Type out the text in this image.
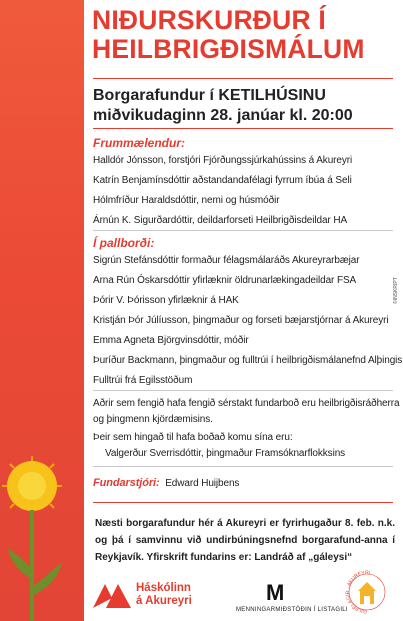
NIÐURSKURÐUR Í
HEILBRIGÐISMÁLUM
Borgarafundur í KETILHÚSINU
miðvikudaginn 28. janúar kl. 20:00
Frummælendur:
Halldór Jónsson, forstjóri Fjórðungssjúrkahússins á Akureyri
Katrín Benjamínsdóttir aðstandandafélagi fyrrum íbúa á Seli
Hólmfríður Haraldsdóttir, nemi og húsmóðir
Árnún K. Sigurðardóttir, deildarforseti Heilbrigðisdeildar HA
Í pallborði:
Sigrún Stefánsdóttir formaður félagsmálaráðs Akureyrarbæjar
Arna Rún Óskarsdóttir yfirlæknir öldrunarlækingadeildar FSA
Þórir V. Þórisson yfirlæknir á HAK
Kristján Þór Júlíusson, þingmaður og forseti bæjarstjórnar á Akureyri
Emma Agneta Björgvinsdóttir, móðir
Þuríður Backmann, þingmaður og fulltrúi í heilbrigðismálanefnd Alþingis
Fulltrúi frá Egilsstöðum
Aðrir sem fengið hafa fengið sérstakt fundarboð eru heilbrigðisráðherra
og þingmenn kjördæmisins.
Þeir sem hingað til hafa boðað komu sína eru:
Valgerður Sverrisdóttir, þingmaður Framsóknarflokksins
Fundarstjóri: Edward Huijbens
Næsti borgarafundur hér á Akureyri er fyrirhugaður 8. feb. n.k. og þá í samvinnu við undirbúningsnefnd borgarafund-anna í Reykjavík. Yfirskrift fundarins er: Landráð af „gáleysi“
©INSKRIPT
Háskólinn
á Akureyri	M
MENNINGARMIÐSTÖÐIN Í LISTAGILI	GILFÉLAGIÐ · AKUREYRI
